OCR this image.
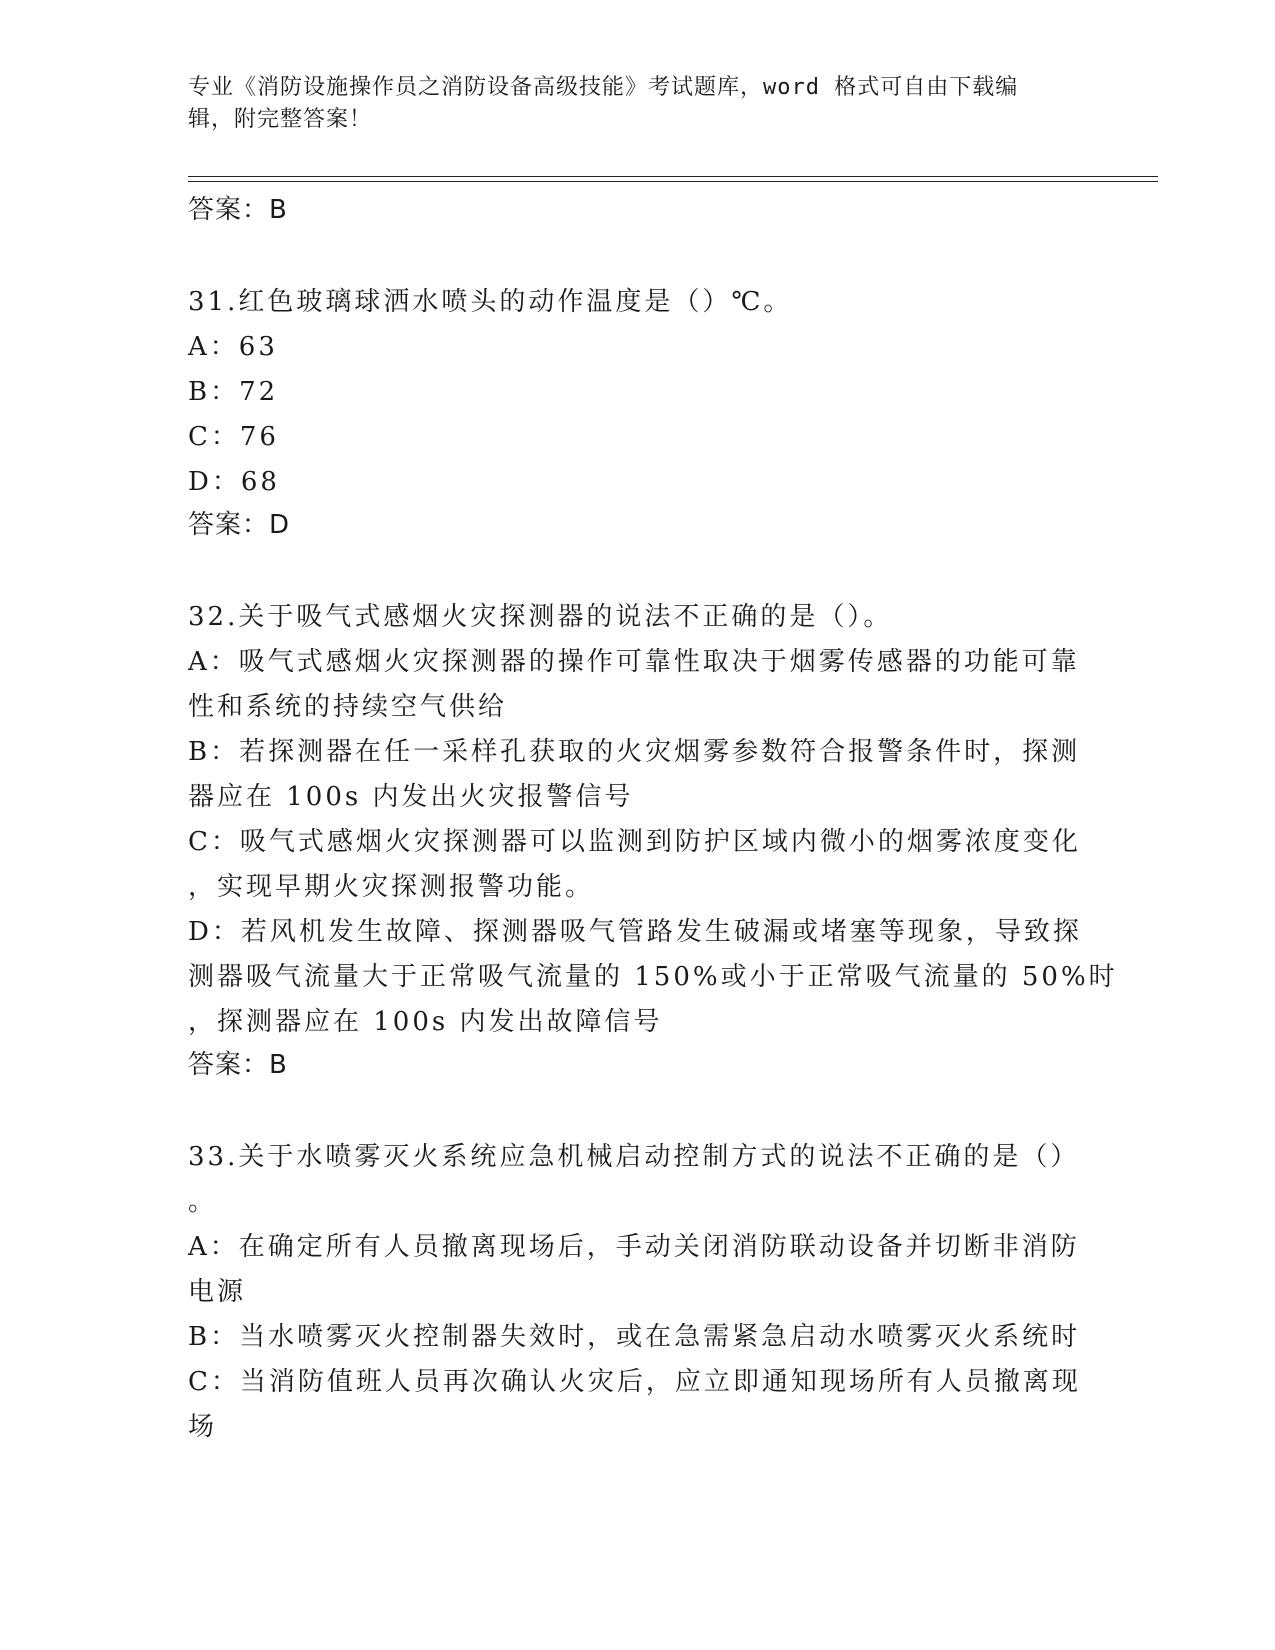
专业《消防设施操作员之消防设备高级技能》考试题库，word 格式可自由下载编
辑，附完整答案！
答案：B
31.红色玻璃球洒水喷头的动作温度是（）℃。
A：63
B：72
C：76
D：68
答案：D
32.关于吸气式感烟火灾探测器的说法不正确的是（）。
A：吸气式感烟火灾探测器的操作可靠性取决于烟雾传感器的功能可靠
性和系统的持续空气供给
B：若探测器在任一采样孔获取的火灾烟雾参数符合报警条件时，探测
器应在 100s 内发出火灾报警信号
C：吸气式感烟火灾探测器可以监测到防护区域内微小的烟雾浓度变化
，实现早期火灾探测报警功能。
D：若风机发生故障、探测器吸气管路发生破漏或堵塞等现象，导致探
测器吸气流量大于正常吸气流量的 150%或小于正常吸气流量的 50%时
，探测器应在 100s 内发出故障信号
答案：B
33.关于水喷雾灭火系统应急机械启动控制方式的说法不正确的是（）
。
A：在确定所有人员撤离现场后，手动关闭消防联动设备并切断非消防
电源
B：当水喷雾灭火控制器失效时，或在急需紧急启动水喷雾灭火系统时
C：当消防值班人员再次确认火灾后，应立即通知现场所有人员撤离现
场
